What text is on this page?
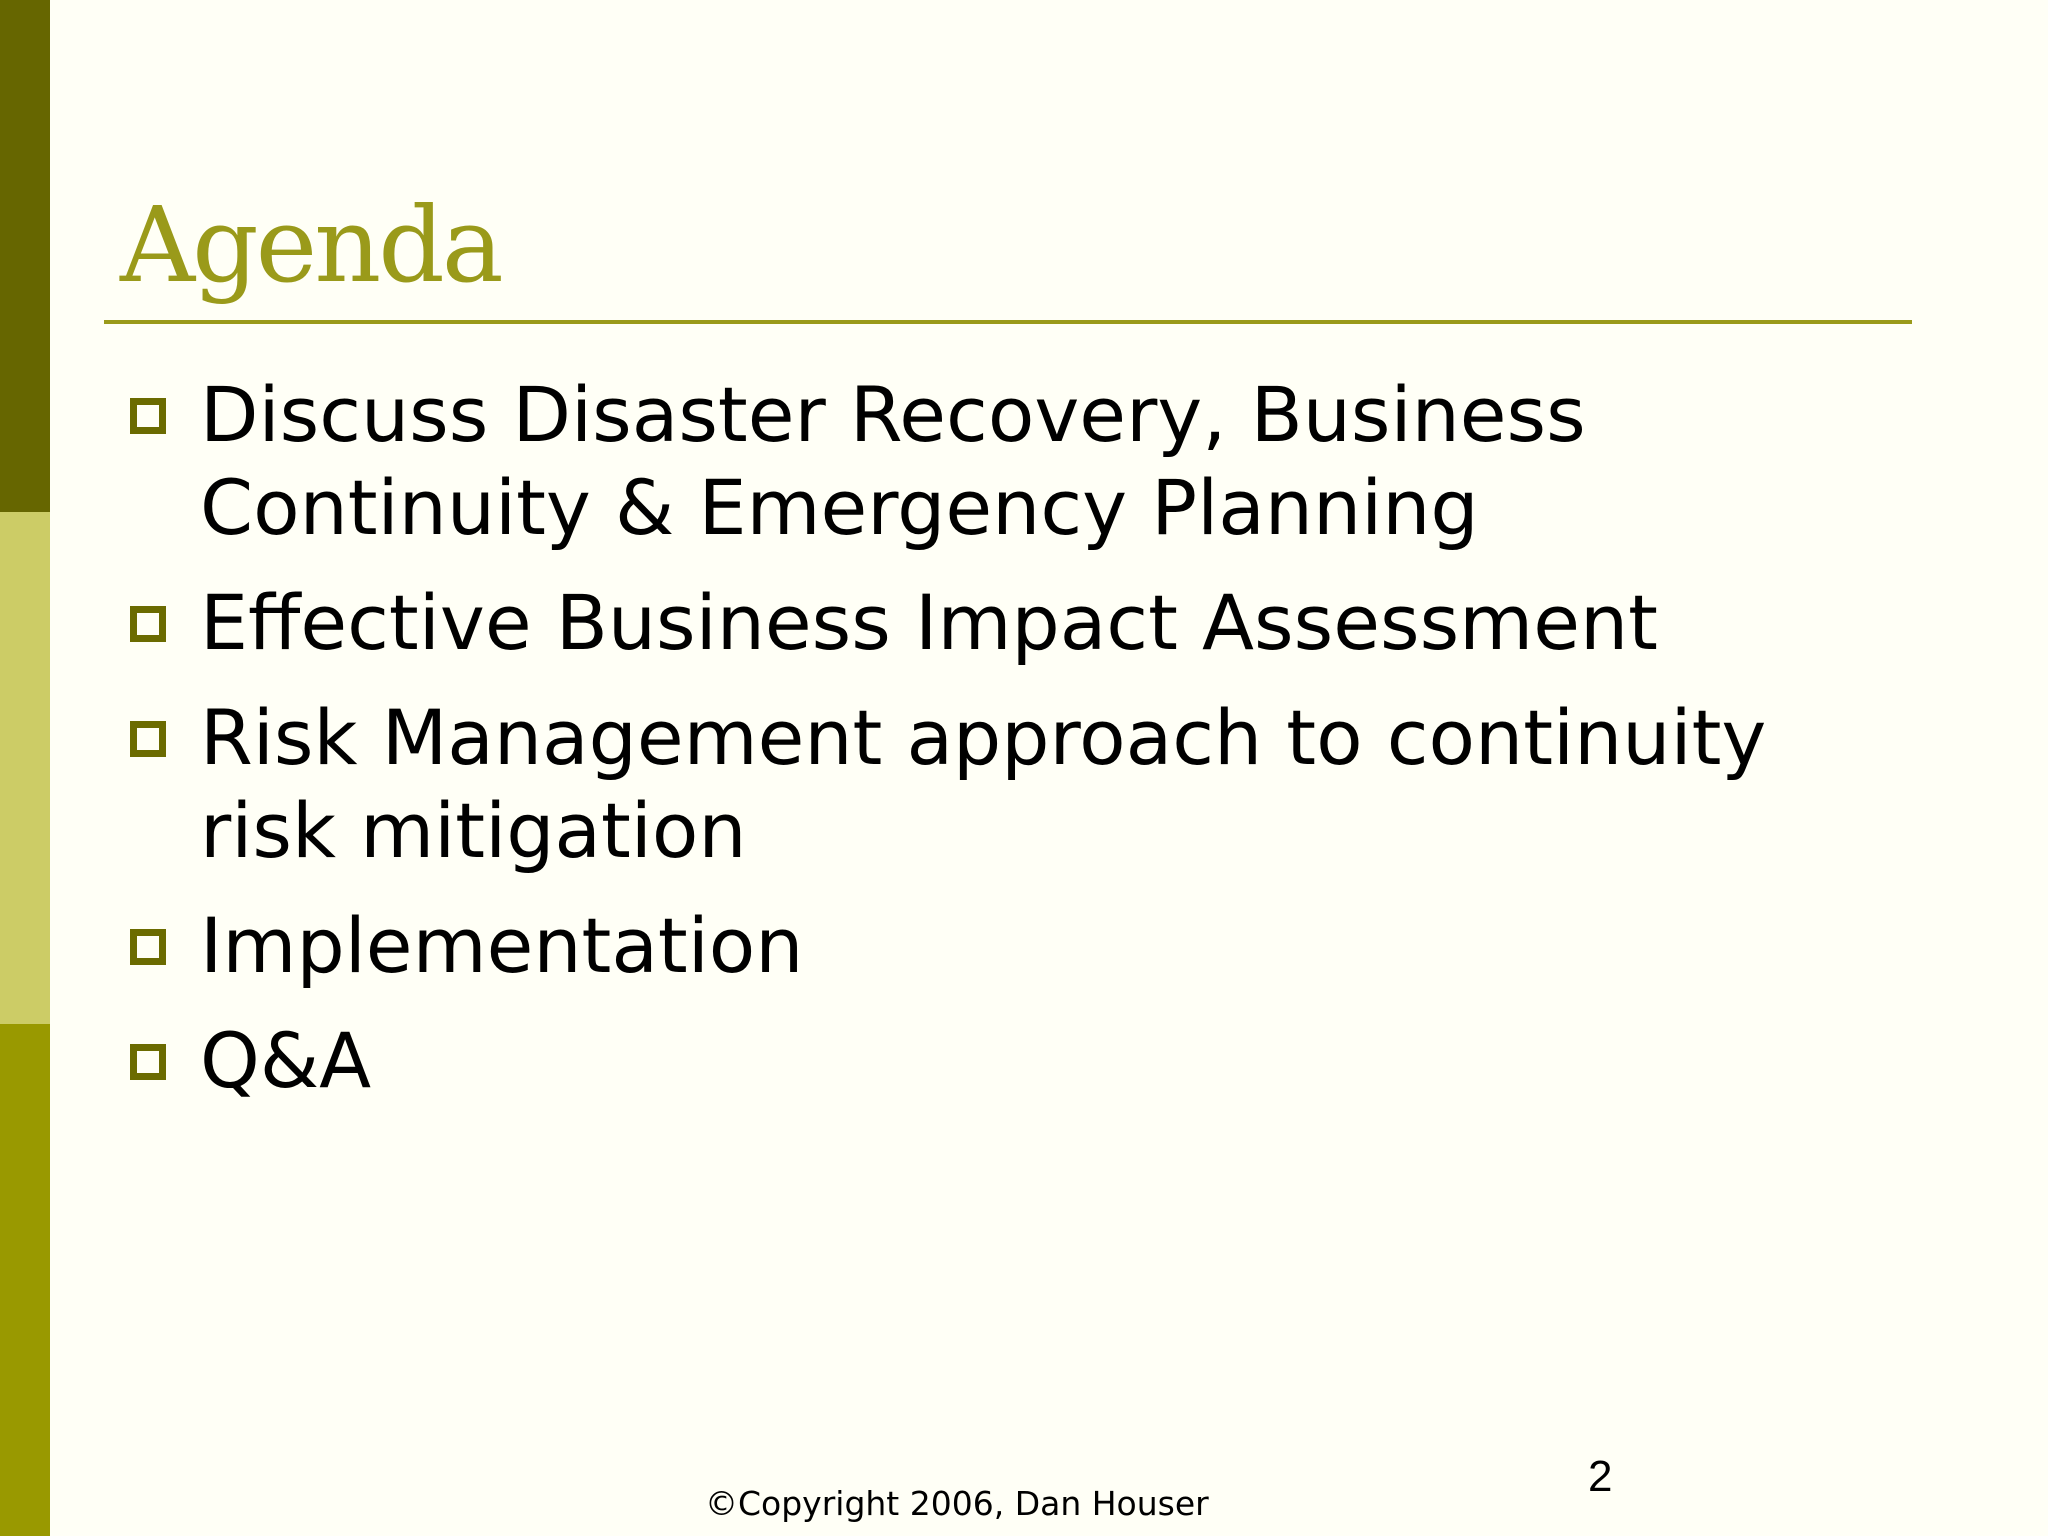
Agenda
Discuss Disaster Recovery, Business Continuity & Emergency Planning
Effective Business Impact Assessment
Risk Management approach to continuity risk mitigation
Implementation
Q&A
2
©Copyright 2006, Dan Houser
